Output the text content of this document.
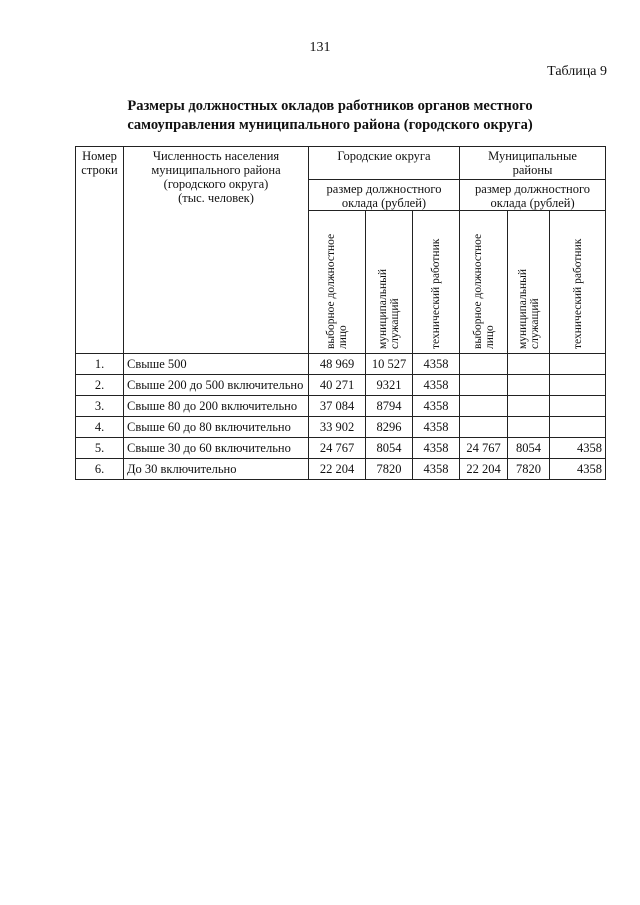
131
Таблица 9
Размеры должностных окладов работников органов местного
самоуправления муниципального района (городского округа)
Номер
строки	Численность населения
муниципального района
(городского округа)
(тыс. человек)	Городские округа			Муниципальные
районы		

		размер должностного
оклада (рублей)			размер должностного
оклада (рублей)		

		выборное должностное лицо	муниципальный служащий	технический работник	выборное должностное лицо	муниципальный служащий	технический работник

1.	Свыше 500	48 969	10 527	4358			
2.	Свыше 200 до 500 включительно	40 271	9321	4358			
3.	Свыше 80 до 200 включительно	37 084	8794	4358			
4.	Свыше 60 до 80 включительно	33 902	8296	4358			
5.	Свыше 30 до 60 включительно	24 767	8054	4358	24 767	8054	4358
6.	До 30 включительно	22 204	7820	4358	22 204	7820	4358
